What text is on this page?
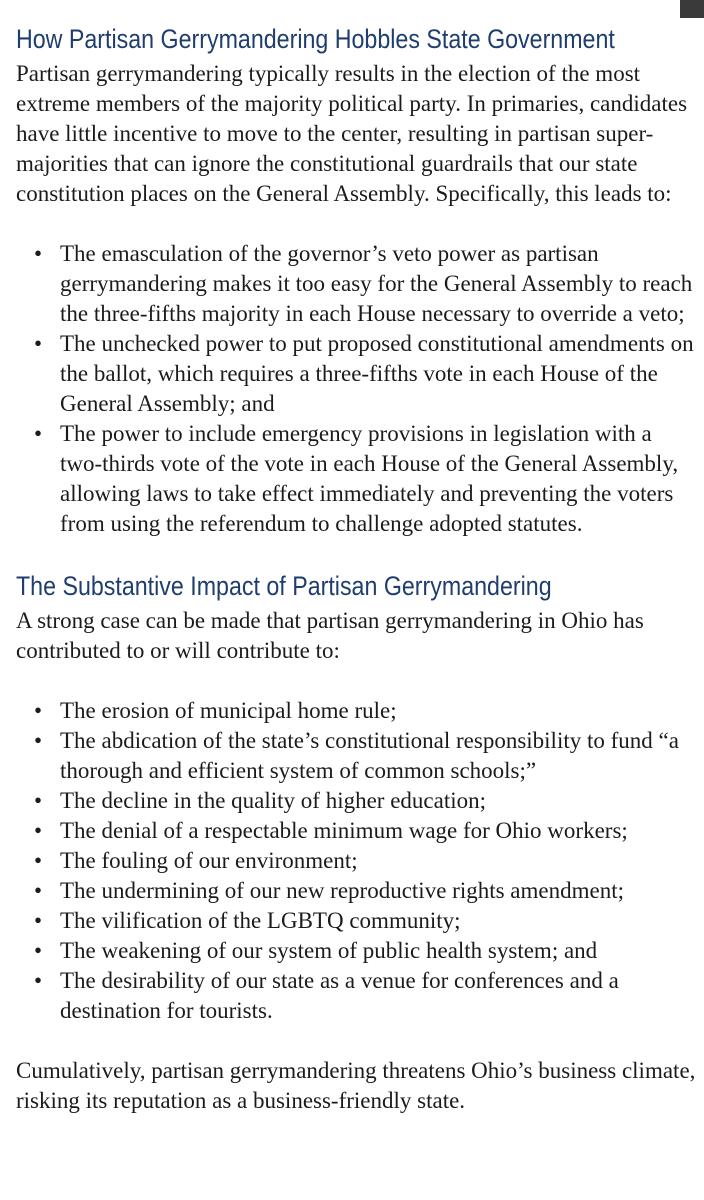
How Partisan Gerrymandering Hobbles State Government

Partisan gerrymandering typically results in the election of the most extreme members of the majority political party. In primaries, candidates have little incentive to move to the center, resulting in partisan super-majorities that can ignore the constitutional guardrails that our state constitution places on the General Assembly. Specifically, this leads to:

• The emasculation of the governor’s veto power as partisan gerrymandering makes it too easy for the General Assembly to reach the three-fifths majority in each House necessary to override a veto;
• The unchecked power to put proposed constitutional amendments on the ballot, which requires a three-fifths vote in each House of the General Assembly; and
• The power to include emergency provisions in legislation with a two-thirds vote of the vote in each House of the General Assembly, allowing laws to take effect immediately and preventing the voters from using the referendum to challenge adopted statutes.
The Substantive Impact of Partisan Gerrymandering

A strong case can be made that partisan gerrymandering in Ohio has contributed to or will contribute to:

• The erosion of municipal home rule;
• The abdication of the state’s constitutional responsibility to fund “a thorough and efficient system of common schools;”
• The decline in the quality of higher education;
• The denial of a respectable minimum wage for Ohio workers;
• The fouling of our environment;
• The undermining of our new reproductive rights amendment;
• The vilification of the LGBTQ community;
• The weakening of our system of public health system; and
• The desirability of our state as a venue for conferences and a destination for tourists.

Cumulatively, partisan gerrymandering threatens Ohio’s business climate, risking its reputation as a business-friendly state.
